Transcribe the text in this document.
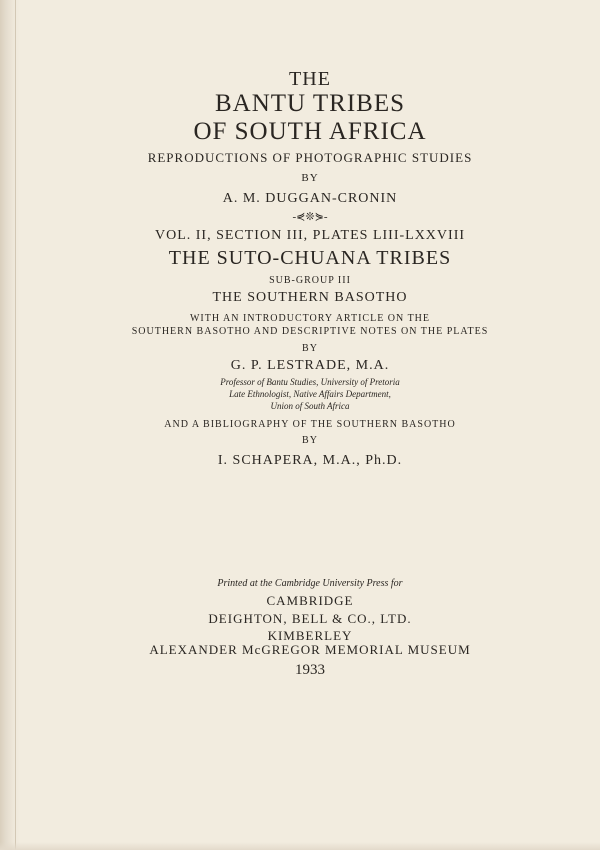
THE

BANTU TRIBES

OF SOUTH AFRICA

REPRODUCTIONS OF PHOTOGRAPHIC STUDIES

BY

A. M. DUGGAN-CRONIN

-⋞❊⋟-

VOL. II, SECTION III, PLATES LIII-LXXVIII

THE SUTO-CHUANA TRIBES

SUB-GROUP III

THE SOUTHERN BASOTHO

WITH AN INTRODUCTORY ARTICLE ON THE

SOUTHERN BASOTHO AND DESCRIPTIVE NOTES ON THE PLATES

BY

G. P. LESTRADE, M.A.

Professor of Bantu Studies, University of Pretoria

Late Ethnologist, Native Affairs Department,

Union of South Africa

AND A BIBLIOGRAPHY OF THE SOUTHERN BASOTHO

BY

I. SCHAPERA, M.A., Ph.D.

Printed at the Cambridge University Press for

CAMBRIDGE

DEIGHTON, BELL & CO., LTD.

KIMBERLEY

ALEXANDER McGREGOR MEMORIAL MUSEUM

1933
